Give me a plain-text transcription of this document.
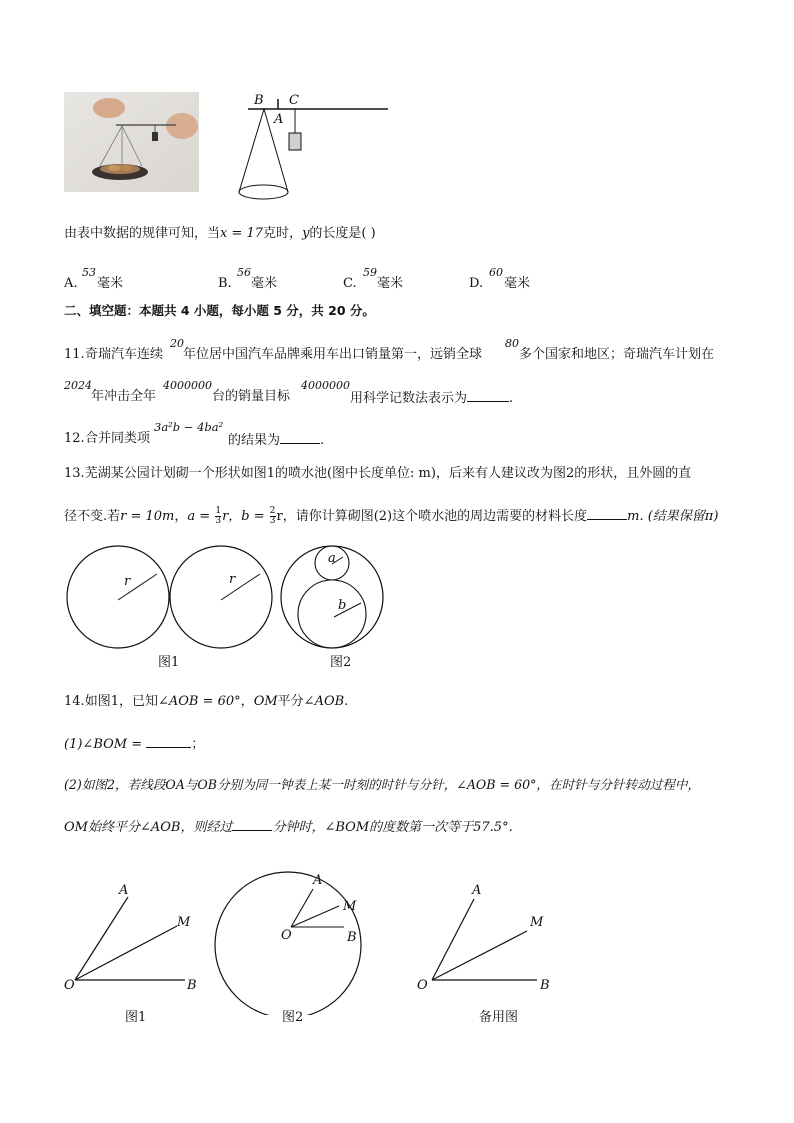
B C
A
由表中数据的规律可知，当x = 17克时，y的长度是( )
A.
53
毫米	B.
56
毫米	C.
59
毫米	D.
60
毫米
二、填空题：本题共 4 小题，每小题 5 分，共 20 分。
11. 奇瑞汽车连续
20
年位居中国汽车品牌乘用车出口销量第一，远销全球
80
多个国家和地区；奇瑞汽车计划在
2024
年冲击全年
4000000
台的销量目标
4000000
用科学记数法表示为	.
12. 合并同类项
3a²b − 4ba²
的结果为	.
13.芜湖某公园计划砌一个形状如图1的喷水池(图中长度单位: m)，后来有人建议改为图2的形状，且外圆的直
径不变.若r = 10m，$a = \frac{1}{3}$ r，$b = \frac{2}{3}$ r，请你计算砌图(2)这个喷水池的周边需要的材料长度	m. (结果保留π)
r	r
a
b
图1	图2
14.如图1，已知∠AOB = 60°，OM平分∠AOB.
(1)∠BOM =	；
(2)如图2，若线段OA与OB分别为同一钟表上某一时刻的时针与分针，∠AOB = 60°，在时针与分针转动过程中，
OM始终平分∠AOB，则经过	分钟时，∠BOM的度数第一次等于57.5°.
A
M
O	B
A
M
O	B
A
M
O	B
图1	图2	备用图
